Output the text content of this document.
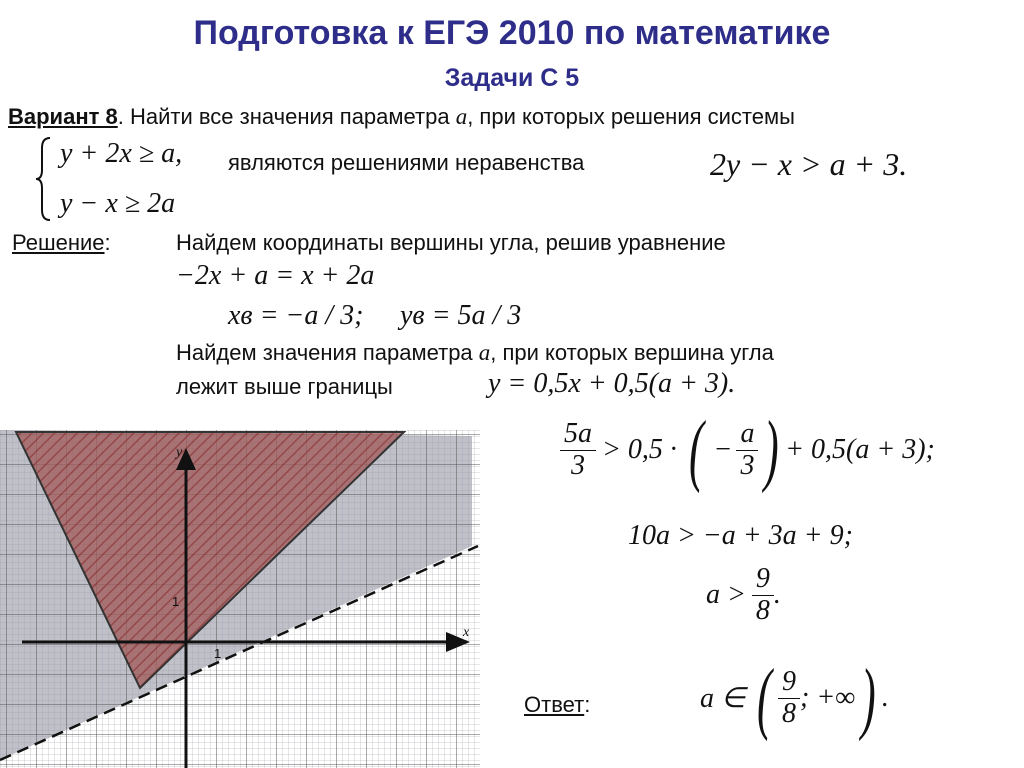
Подготовка к ЕГЭ 2010 по математике
Задачи С 5
Вариант 8. Найти все значения параметра a, при которых решения системы
y + 2x ≥ a,
y − x ≥ 2a
являются решениями неравенства	2y − x > a + 3.
Решение:	Найдем координаты вершины угла, решив уравнение
−2x + a = x + 2a
xв = −a / 3; yв = 5a / 3
Найдем значения параметра a, при которых вершина угла
лежит выше границы	y = 0,5x + 0,5(a + 3).
$\frac{5a}{3} > 0,5$ · ( − $\frac{a}{3}$ ) + 0,5(a + 3);
10a > −a + 3a + 9;
$a > \frac{9}{8}$ .
Ответ:	a ∈ ( $\frac{9}{8}$ ; +∞ ) .
x
y
1
1
